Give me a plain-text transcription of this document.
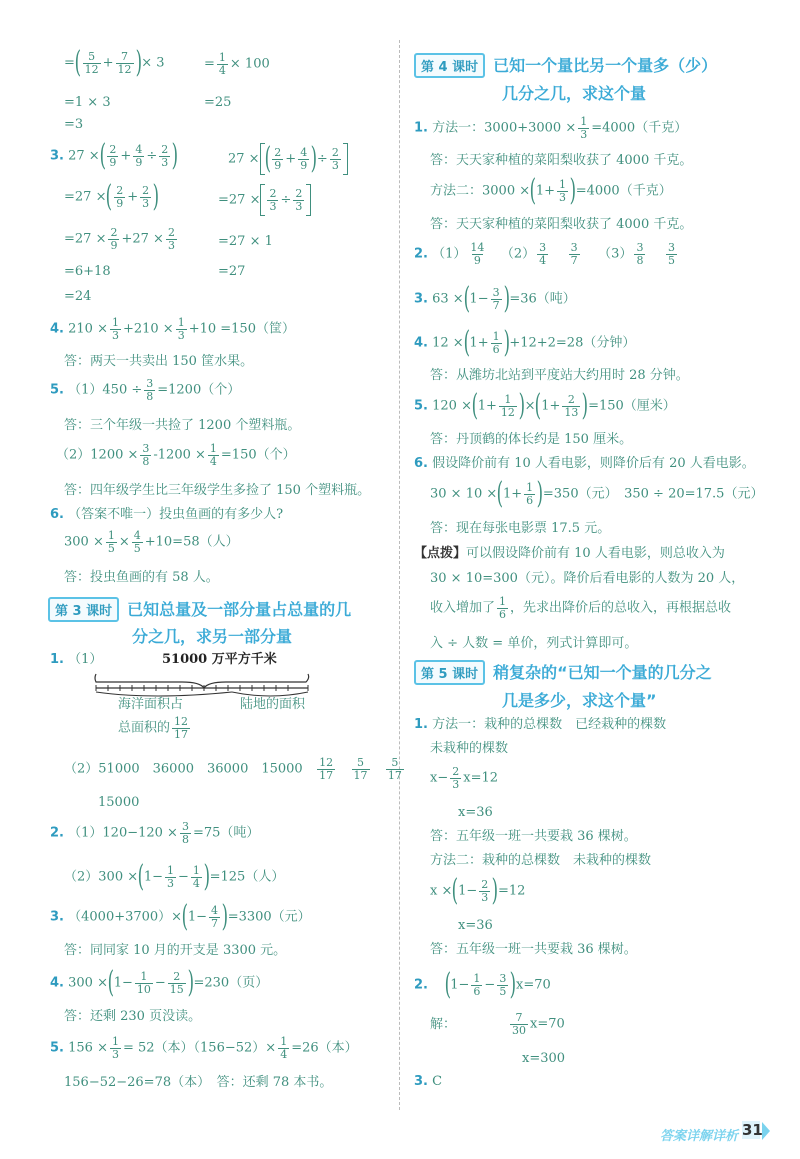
=( $\frac{5}{12} + \frac{7}{12}$ )× 3	= $\frac{1}{4} \times 100$
=1 × 3	=25
=3
3. 27 ×( $\frac{2}{9} + \frac{4}{9} \div \frac{2}{3}$ )	27 × ( $\frac{2}{9} + \frac{4}{9}$ )÷ $\frac{2}{3}$
=27 ×( $\frac{2}{9} + \frac{2}{3}$ )	$=27 \times \frac{2}{3} \div \frac{2}{3}$
$=27 \times \frac{2}{9} +27 \times \frac{2}{3}$	=27 × 1
=6+18	=27
=24
4. $210 \times \frac{1}{3} +210 \times \frac{1}{3} +10 =150$（筐）
答：两天一共卖出 150 筐水果。
5. $(1)450 \div \frac{3}{8} =1200$（个）
答：三个年级一共捡了 1200 个塑料瓶。
$(2)1200 \times \frac{3}{8} -1200 \times \frac{1}{4} =150$（个）
答：四年级学生比三年级学生多捡了 150 个塑料瓶。
6. （答案不唯一）投虫鱼画的有多少人?
$300 \times \frac{1}{5} \times \frac{4}{5} +10=58$（人）
答：投虫鱼画的有 58 人。
第 3 课时 已知总量及一部分量占总量的几
分之几，求另一部分量
1. （1）	51000 万平方千米
海洋面积占
总面积的 $\frac{12}{17}$
陆地的面积
（2）51000　36000　36000　$15000 \frac{12}{17}$
$\frac{5}{17}$
$\frac{5}{17}$
15000
2. $(1)120-120 \times \frac{3}{8} =75$（吨）
$(2)300 \times(1- \frac{1}{3} - \frac{1}{4} )=125$（人）
3. $(4000+3700)\times(1- \frac{4}{7} )=3300$（元）
答：同同家 10 月的开支是 3300 元。
4. $300 \times(1- \frac{1}{10} - \frac{2}{15} )=230$（页）
答：还剩 230 页没读。
5. $156 \times \frac{1}{3} = 52$（本）$(156-52)\times \frac{1}{4} =26$（本）
156−52−26=78（本）　答：还剩 78 本书。
第 4 课时 已知一个量比另一个量多（少）
几分之几，求这个量
1. 方法一：$3000+3000 \times \frac{1}{3} =4000$（千克）
答：天天家种植的菜阳梨收获了 4000 千克。
方法二：$3000 \times(1+ \frac{1}{3} )=4000$（千克）
答：天天家种植的菜阳梨收获了 4000 千克。
2. $(1) \frac{14}{9} (2) \frac{3}{4}$
$\frac{3}{7} (3) \frac{3}{8}$
$\frac{3}{5}$
3. $63 \times(1- \frac{3}{7} )=36$（吨）
4. $12 \times(1+ \frac{1}{6} )+12+2=28$（分钟）
答：从潍坊北站到平度站大约用时 28 分钟。
5. $120 \times(1+ \frac{1}{12} )\times(1+ \frac{2}{13} )=150$（厘米）
答：丹顶鹤的体长约是 150 厘米。
6. 假设降价前有 10 人看电影，则降价后有 20 人看电影。
$30 \times 10 \times(1+ \frac{1}{6} )=350$（元）　350 ÷ 20=17.5（元）
答：现在每张电影票 17.5 元。
【点拨】可以假设降价前有 10 人看电影，则总收入为
30 × 10=300（元）。降价后看电影的人数为 20 人，
收入增加了 $\frac{1}{6}$ ，先求出降价后的总收入，再根据总收
入 ÷ 人数 = 单价，列式计算即可。
第 5 课时 稍复杂的“已知一个量的几分之
几是多少，求这个量”
1. 方法一：栽种的总棵数　已经栽种的棵数
未栽种的棵数
$x- \frac{2}{3} x=12$
x=36
答：五年级一班一共要栽 36 棵树。
方法二：栽种的总棵数　未栽种的棵数
$x \times(1- \frac{2}{3} )=12$
x=36
答：五年级一班一共要栽 36 棵树。
2. $(1- \frac{1}{6} - \frac{3}{5} )x=70$
解：	$\frac{7}{30} x=70$
x=300
3. C
答案详解详析 31
